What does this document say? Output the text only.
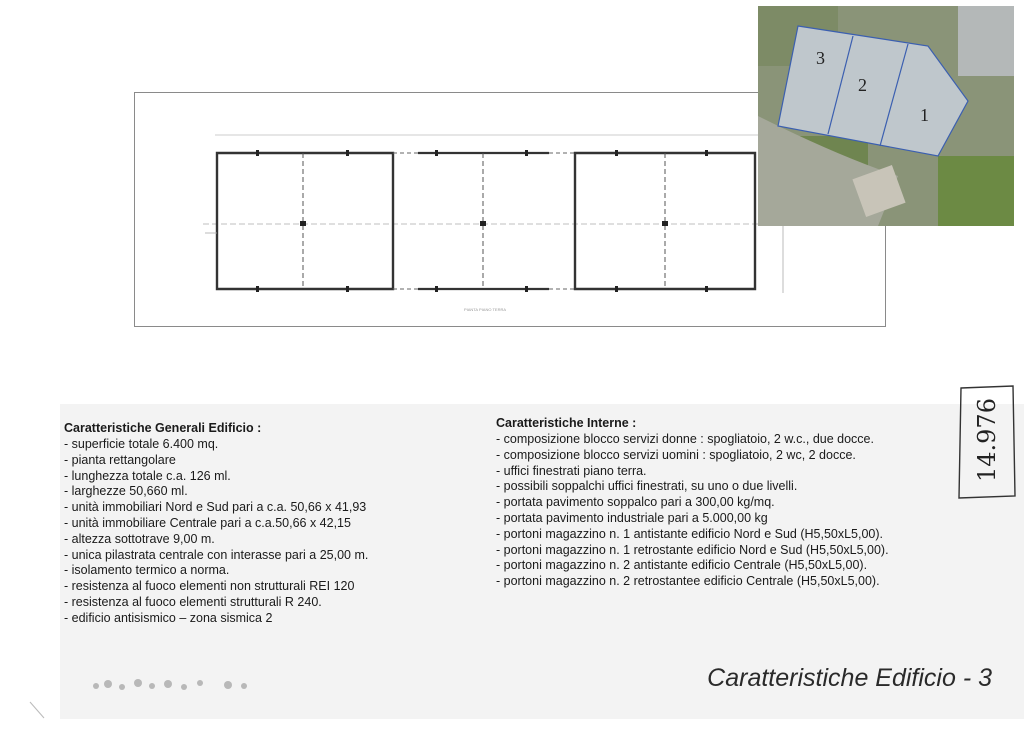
PIANTA PIANO TERRA
3
2
1
Caratteristiche Generali Edificio :
- superficie totale 6.400 mq.
- pianta rettangolare
- lunghezza totale c.a. 126 ml.
- larghezze 50,660 ml.
- unità immobiliari Nord e Sud pari a c.a. 50,66 x 41,93
- unità immobiliare Centrale pari a c.a.50,66 x 42,15
- altezza sottotrave 9,00 m.
- unica pilastrata centrale con interasse pari a 25,00 m.
- isolamento termico a norma.
- resistenza al fuoco elementi non strutturali REI 120
- resistenza al fuoco elementi strutturali R 240.
- edificio antisismico – zona sismica 2
Caratteristiche Interne :
- composizione blocco servizi donne : spogliatoio, 2 w.c., due docce.
- composizione blocco servizi uomini : spogliatoio, 2 wc, 2 docce.
- uffici finestrati piano terra.
- possibili soppalchi uffici finestrati, su uno o due livelli.
- portata pavimento soppalco pari a 300,00 kg/mq.
- portata pavimento industriale pari a 5.000,00 kg
- portoni magazzino n. 1 antistante edificio Nord e Sud (H5,50xL5,00).
- portoni magazzino n. 1 retrostante edificio Nord e Sud (H5,50xL5,00).
- portoni magazzino n. 2 antistante edificio Centrale (H5,50xL5,00).
- portoni magazzino n. 2 retrostantee edificio Centrale (H5,50xL5,00).
14.976
Caratteristiche Edificio - 3
